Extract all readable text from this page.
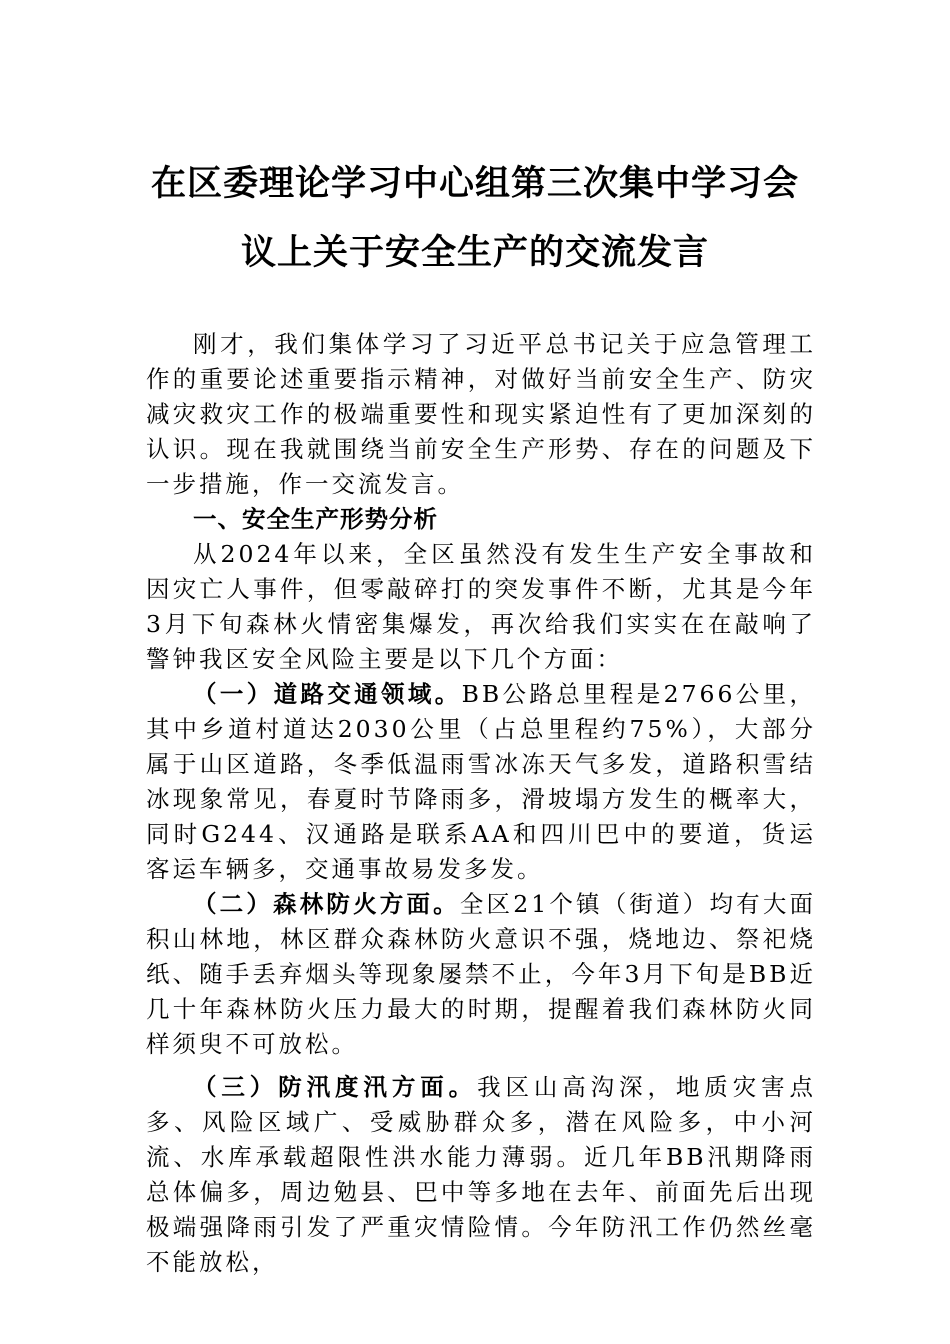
在区委理论学习中心组第三次集中学习会
议上关于安全生产的交流发言

刚才，我们集体学习了习近平总书记关于应急管理工作的重要论述重要指示精神，对做好当前安全生产、防灾减灾救灾工作的极端重要性和现实紧迫性有了更加深刻的认识。现在我就围绕当前安全生产形势、存在的问题及下一步措施，作一交流发言。

一、安全生产形势分析

从2024年以来，全区虽然没有发生生产安全事故和因灾亡人事件，但零敲碎打的突发事件不断，尤其是今年3月下旬森林火情密集爆发，再次给我们实实在在敲响了警钟我区安全风险主要是以下几个方面：

（一）道路交通领域。BB公路总里程是2766公里，其中乡道村道达2030公里（占总里程约75%），大部分属于山区道路，冬季低温雨雪冰冻天气多发，道路积雪结冰现象常见，春夏时节降雨多，滑坡塌方发生的概率大，同时G244、汉通路是联系AA和四川巴中的要道，货运客运车辆多，交通事故易发多发。

（二）森林防火方面。全区21个镇（街道）均有大面积山林地，林区群众森林防火意识不强，烧地边、祭祀烧纸、随手丢弃烟头等现象屡禁不止，今年3月下旬是BB近几十年森林防火压力最大的时期，提醒着我们森林防火同样须臾不可放松。

（三）防汛度汛方面。我区山高沟深，地质灾害点多、风险区域广、受威胁群众多，潜在风险多，中小河流、水库承载超限性洪水能力薄弱。近几年BB汛期降雨总体偏多，周边勉县、巴中等多地在去年、前面先后出现极端强降雨引发了严重灾情险情。今年防汛工作仍然丝毫不能放松，
